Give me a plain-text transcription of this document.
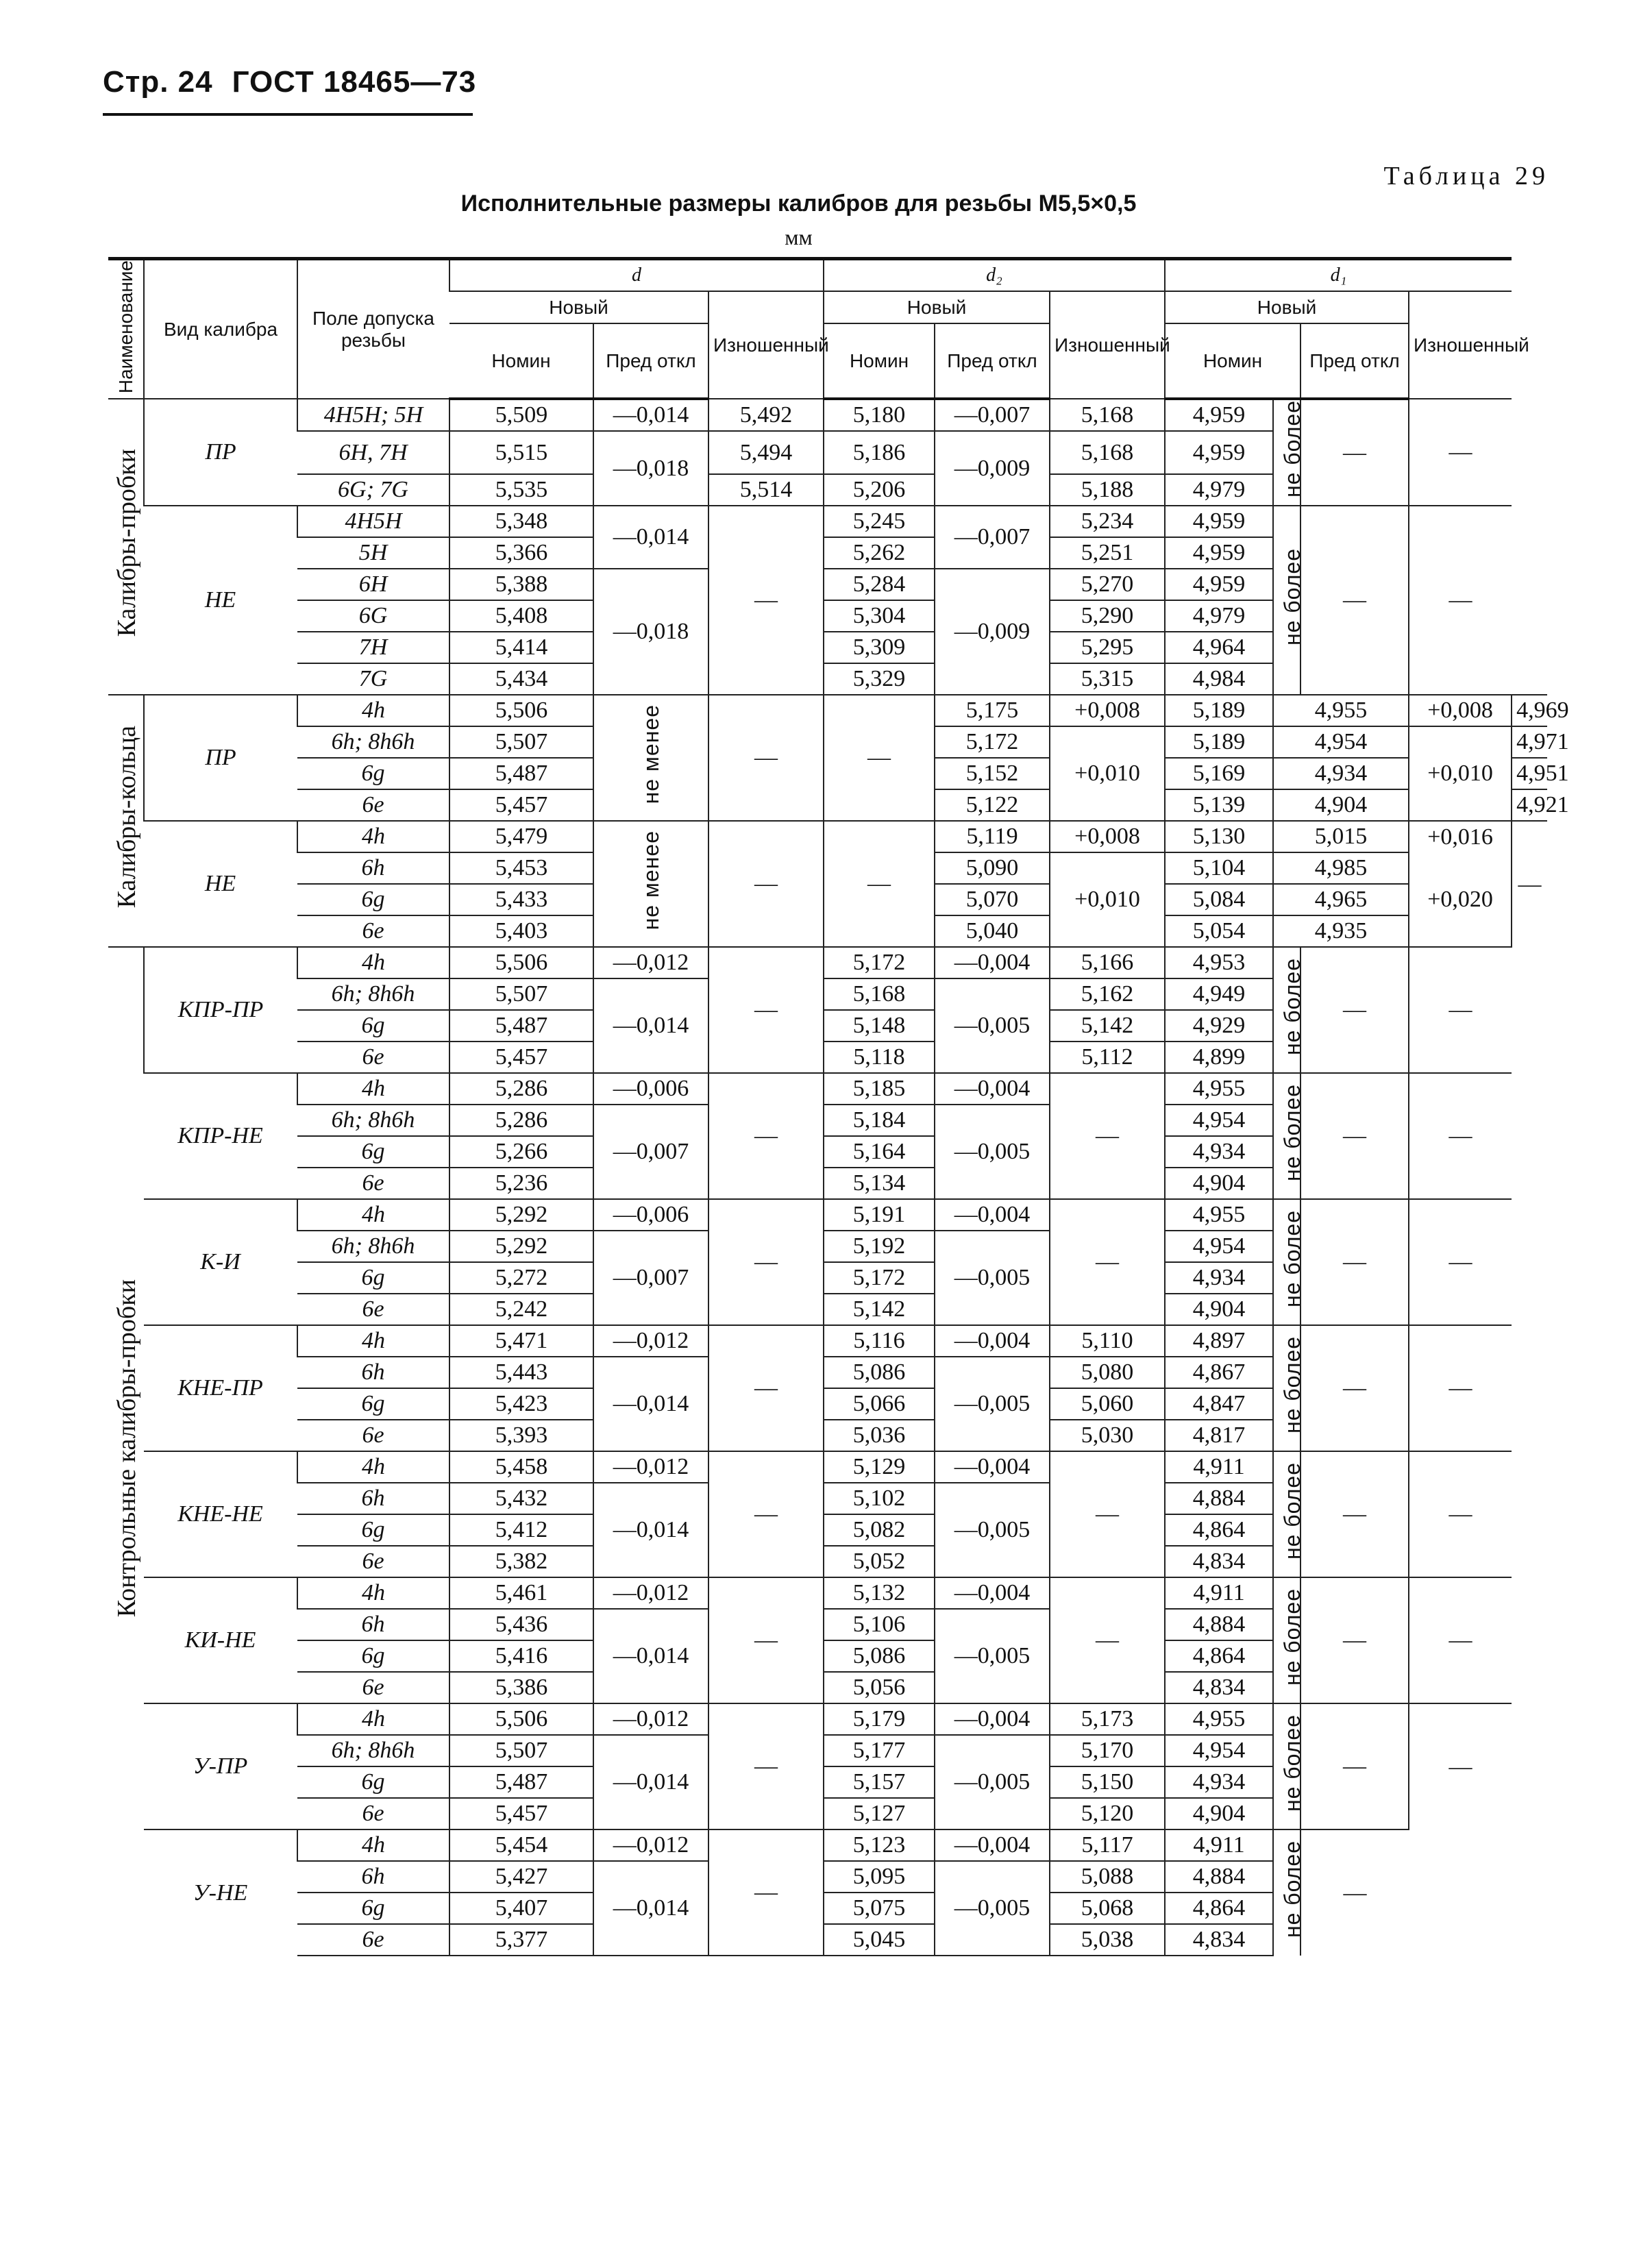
Стр. 24 ГОСТ 18465—73
Таблица 29
Исполнительные размеры калибров для резьбы М5,5×0,5
мм
Наименование	Вид калибра	Поле допуска резьбы	d			d₂			d₁				
			Новый		Изношенный	Новый		Изношенный	Новый			Изношенный	
			Номин	Пред откл		Номин	Пред откл		Номин		Пред откл		
Калибры-пробки	ПР	4H5H; 5H	5,509	—0,014	5,492	5,180	—0,007	5,168	4,959	не более	—	—	
		6H, 7H	5,515	—0,018	5,494	5,186	—0,009	5,168	4,959				
		6G; 7G	5,535		5,514	5,206		5,188	4,979				
	НЕ	4H5H	5,348	—0,014	—	5,245	—0,007	5,234	4,959	не более	—	—	
		5H	5,366			5,262		5,251	4,959				
		6H	5,388	—0,018		5,284	—0,009	5,270	4,959				
		6G	5,408			5,304		5,290	4,979				
		7H	5,414			5,309		5,295	4,964				
		7G	5,434			5,329		5,315	4,984				
Калибры-кольца	ПР	4h	5,506	не менее	—	—	5,175	+0,008	5,189	4,955		+0,008	4,969
		6h; 8h6h	5,507				5,172	+0,010	5,189	4,954		+0,010	4,971
		6g	5,487				5,152		5,169	4,934			4,951
		6e	5,457				5,122		5,139	4,904			4,921
	НЕ	4h	5,479	не менее	—	—	5,119	+0,008	5,130	5,015		+0,016	—
		6h	5,453				5,090	+0,010	5,104	4,985		+0,020	
		6g	5,433				5,070		5,084	4,965			
		6e	5,403				5,040		5,054	4,935			
Контрольные калибры-пробки	КПР-ПР	4h	5,506	—0,012	—	5,172	—0,004	5,166	4,953	не более	—	—	
		6h; 8h6h	5,507	—0,014		5,168	—0,005	5,162	4,949				
		6g	5,487			5,148		5,142	4,929				
		6e	5,457			5,118		5,112	4,899				
	КПР-НЕ	4h	5,286	—0,006	—	5,185	—0,004	—	4,955	не более	—	—	
		6h; 8h6h	5,286	—0,007		5,184	—0,005		4,954				
		6g	5,266			5,164			4,934				
		6e	5,236			5,134			4,904				
	К-И	4h	5,292	—0,006	—	5,191	—0,004	—	4,955	не более	—	—	
		6h; 8h6h	5,292	—0,007		5,192	—0,005		4,954				
		6g	5,272			5,172			4,934				
		6e	5,242			5,142			4,904				
	КНЕ-ПР	4h	5,471	—0,012	—	5,116	—0,004	5,110	4,897	не более	—	—	
		6h	5,443	—0,014		5,086	—0,005	5,080	4,867				
		6g	5,423			5,066		5,060	4,847				
		6e	5,393			5,036		5,030	4,817				
	КНЕ-НЕ	4h	5,458	—0,012	—	5,129	—0,004	—	4,911	не более	—	—	
		6h	5,432	—0,014		5,102	—0,005		4,884				
		6g	5,412			5,082			4,864				
		6e	5,382			5,052			4,834				
	КИ-НЕ	4h	5,461	—0,012	—	5,132	—0,004	—	4,911	не более	—	—	
		6h	5,436	—0,014		5,106	—0,005		4,884				
		6g	5,416			5,086			4,864				
		6e	5,386			5,056			4,834				
	У-ПР	4h	5,506	—0,012	—	5,179	—0,004	5,173	4,955	не более	—	—	
		6h; 8h6h	5,507	—0,014		5,177	—0,005	5,170	4,954				
		6g	5,487			5,157		5,150	4,934				
		6e	5,457			5,127		5,120	4,904				
	У-НЕ	4h	5,454	—0,012	—	5,123	—0,004	5,117	4,911	не более	—		
		6h	5,427	—0,014		5,095	—0,005	5,088	4,884				
		6g	5,407			5,075		5,068	4,864				
		6e	5,377			5,045		5,038	4,834				
